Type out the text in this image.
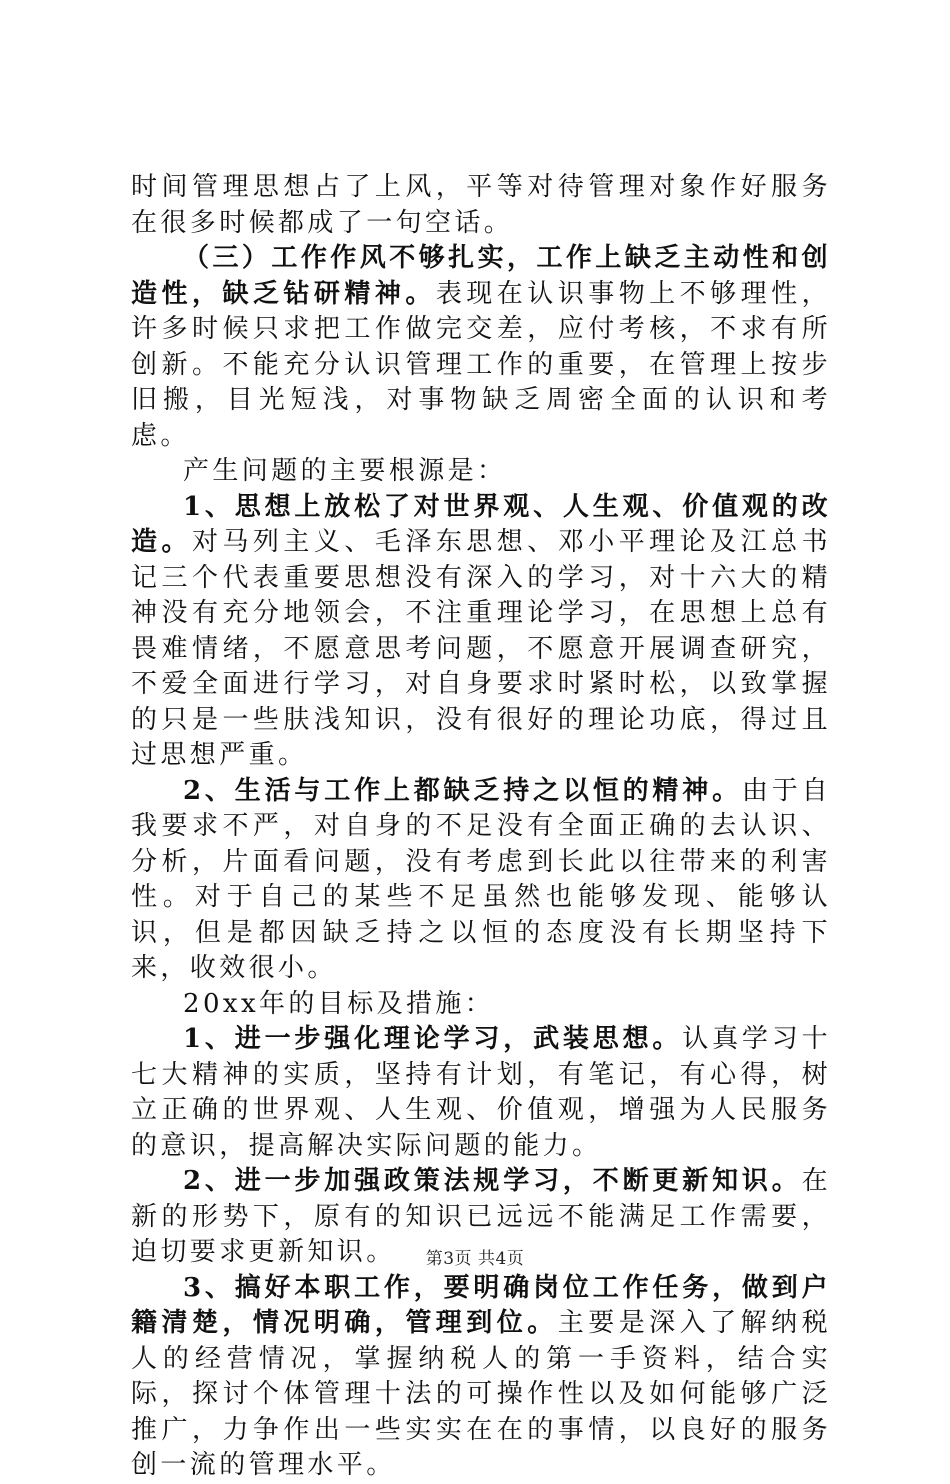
时间管理思想占了上风，平等对待管理对象作好服务在很多时候都成了一句空话。

（三）工作作风不够扎实，工作上缺乏主动性和创造性，缺乏钻研精神。表现在认识事物上不够理性，许多时候只求把工作做完交差，应付考核，不求有所创新。不能充分认识管理工作的重要，在管理上按步旧搬，目光短浅，对事物缺乏周密全面的认识和考虑。

产生问题的主要根源是：

1、思想上放松了对世界观、人生观、价值观的改造。对马列主义、毛泽东思想、邓小平理论及江总书记三个代表重要思想没有深入的学习，对十六大的精神没有充分地领会，不注重理论学习，在思想上总有畏难情绪，不愿意思考问题，不愿意开展调查研究，不爱全面进行学习，对自身要求时紧时松，以致掌握的只是一些肤浅知识，没有很好的理论功底，得过且过思想严重。

2、生活与工作上都缺乏持之以恒的精神。由于自我要求不严，对自身的不足没有全面正确的去认识、分析，片面看问题，没有考虑到长此以往带来的利害性。对于自己的某些不足虽然也能够发现、能够认识，但是都因缺乏持之以恒的态度没有长期坚持下来，收效很小。

20xx年的目标及措施：

1、进一步强化理论学习，武装思想。认真学习十七大精神的实质，坚持有计划，有笔记，有心得，树立正确的世界观、人生观、价值观，增强为人民服务的意识，提高解决实际问题的能力。

2、进一步加强政策法规学习，不断更新知识。在新的形势下，原有的知识已远远不能满足工作需要，迫切要求更新知识。

3、搞好本职工作，要明确岗位工作任务，做到户籍清楚，情况明确，管理到位。主要是深入了解纳税人的经营情况，掌握纳税人的第一手资料，结合实际，探讨个体管理十法的可操作性以及如何能够广泛推广，力争作出一些实实在在的事情，以良好的服务创一流的管理水平。

第3页 共4页
